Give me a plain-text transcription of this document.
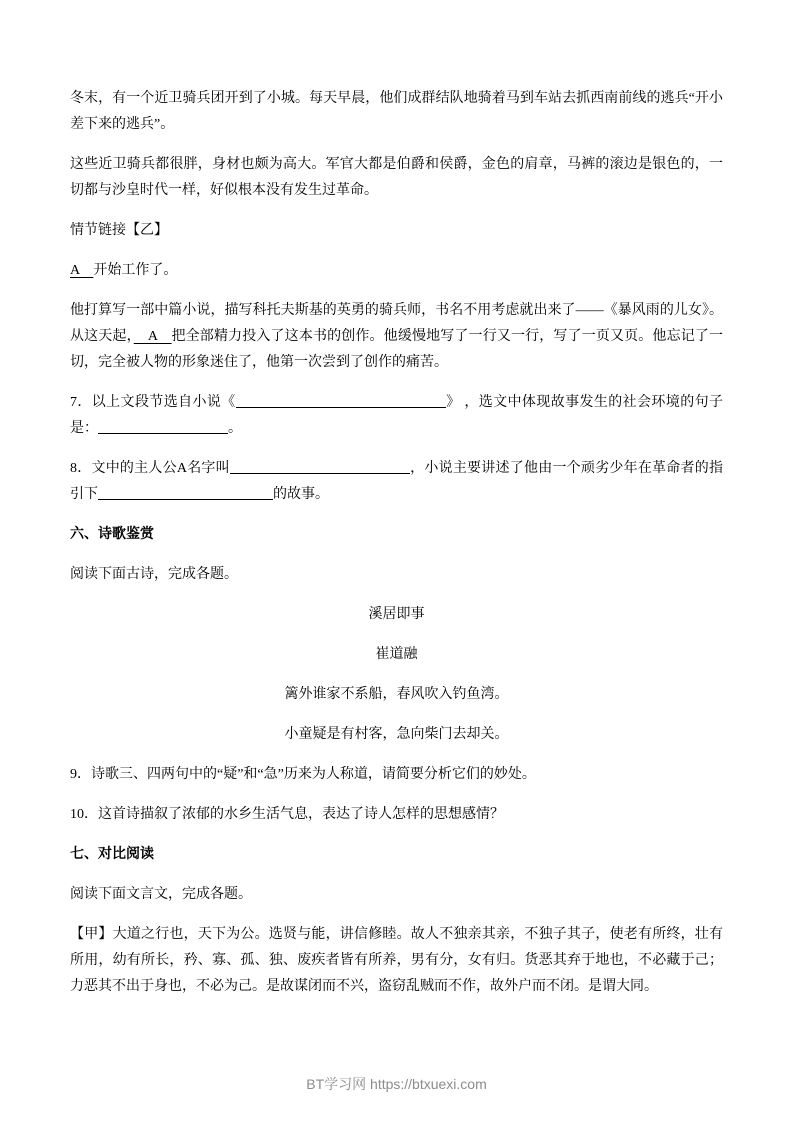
冬末，有一个近卫骑兵团开到了小城。每天早晨，他们成群结队地骑着马到车站去抓西南前线的逃兵“开小差下来的逃兵”。

这些近卫骑兵都很胖，身材也颇为高大。军官大都是伯爵和侯爵，金色的肩章，马裤的滚边是银色的，一切都与沙皇时代一样，好似根本没有发生过革命。

情节链接【乙】

A　开始工作了。

他打算写一部中篇小说，描写科托夫斯基的英勇的骑兵师，书名不用考虑就出来了——《暴风雨的儿女》。从这天起，　A　把全部精力投入了这本书的创作。他缓慢地写了一行又一行，写了一页又页。他忘记了一切，完全被人物的形象迷住了，他第一次尝到了创作的痛苦。

7．以上文段节选自小说《	》 ，选文中体现故事发生的社会环境的句子是：	。

8．文中的主人公A名字叫	，小说主要讲述了他由一个顽劣少年在革命者的指引下	的故事。

六、诗歌鉴赏

阅读下面古诗，完成各题。

溪居即事

崔道融

篱外谁家不系船，春风吹入钓鱼湾。

小童疑是有村客，急向柴门去却关。

9．诗歌三、四两句中的“疑”和“急”历来为人称道，请简要分析它们的妙处。

10．这首诗描叙了浓郁的水乡生活气息，表达了诗人怎样的思想感情？

七、对比阅读

阅读下面文言文，完成各题。

【甲】大道之行也，天下为公。选贤与能，讲信修睦。故人不独亲其亲，不独子其子，使老有所终，壮有所用，幼有所长，矜、寡、孤、独、废疾者皆有所养，男有分，女有归。货恶其弃于地也，不必藏于己；力恶其不出于身也，不必为己。是故谋闭而不兴，盗窃乱贼而不作，故外户而不闭。是谓大同。

BT学习网 https://btxuexi.com
